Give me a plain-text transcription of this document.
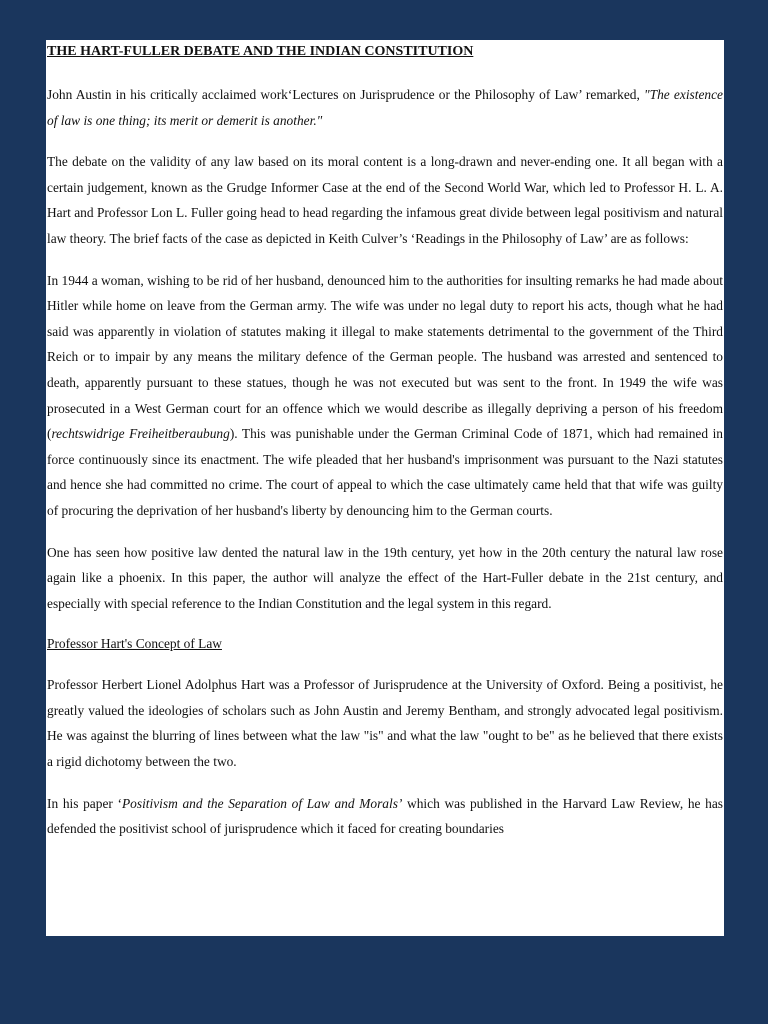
THE HART-FULLER DEBATE AND THE INDIAN CONSTITUTION

John Austin in his critically acclaimed work‘Lectures on Jurisprudence or the Philosophy of Law’ remarked, "The existence of law is one thing; its merit or demerit is another."

The debate on the validity of any law based on its moral content is a long-drawn and never-ending one. It all began with a certain judgement, known as the Grudge Informer Case at the end of the Second World War, which led to Professor H. L. A. Hart and Professor Lon L. Fuller going head to head regarding the infamous great divide between legal positivism and natural law theory. The brief facts of the case as depicted in Keith Culver’s ‘Readings in the Philosophy of Law’ are as follows:

In 1944 a woman, wishing to be rid of her husband, denounced him to the authorities for insulting remarks he had made about Hitler while home on leave from the German army. The wife was under no legal duty to report his acts, though what he had said was apparently in violation of statutes making it illegal to make statements detrimental to the government of the Third Reich or to impair by any means the military defence of the German people. The husband was arrested and sentenced to death, apparently pursuant to these statues, though he was not executed but was sent to the front. In 1949 the wife was prosecuted in a West German court for an offence which we would describe as illegally depriving a person of his freedom (rechtswidrige Freiheitberaubung). This was punishable under the German Criminal Code of 1871, which had remained in force continuously since its enactment. The wife pleaded that her husband's imprisonment was pursuant to the Nazi statutes and hence she had committed no crime. The court of appeal to which the case ultimately came held that that wife was guilty of procuring the deprivation of her husband's liberty by denouncing him to the German courts.

One has seen how positive law dented the natural law in the 19th century, yet how in the 20th century the natural law rose again like a phoenix. In this paper, the author will analyze the effect of the Hart-Fuller debate in the 21st century, and especially with special reference to the Indian Constitution and the legal system in this regard.

Professor Hart's Concept of Law

Professor Herbert Lionel Adolphus Hart was a Professor of Jurisprudence at the University of Oxford. Being a positivist, he greatly valued the ideologies of scholars such as John Austin and Jeremy Bentham, and strongly advocated legal positivism. He was against the blurring of lines between what the law "is" and what the law "ought to be" as he believed that there exists a rigid dichotomy between the two.

In his paper ‘Positivism and the Separation of Law and Morals’ which was published in the Harvard Law Review, he has defended the positivist school of jurisprudence which it faced for creating boundaries
